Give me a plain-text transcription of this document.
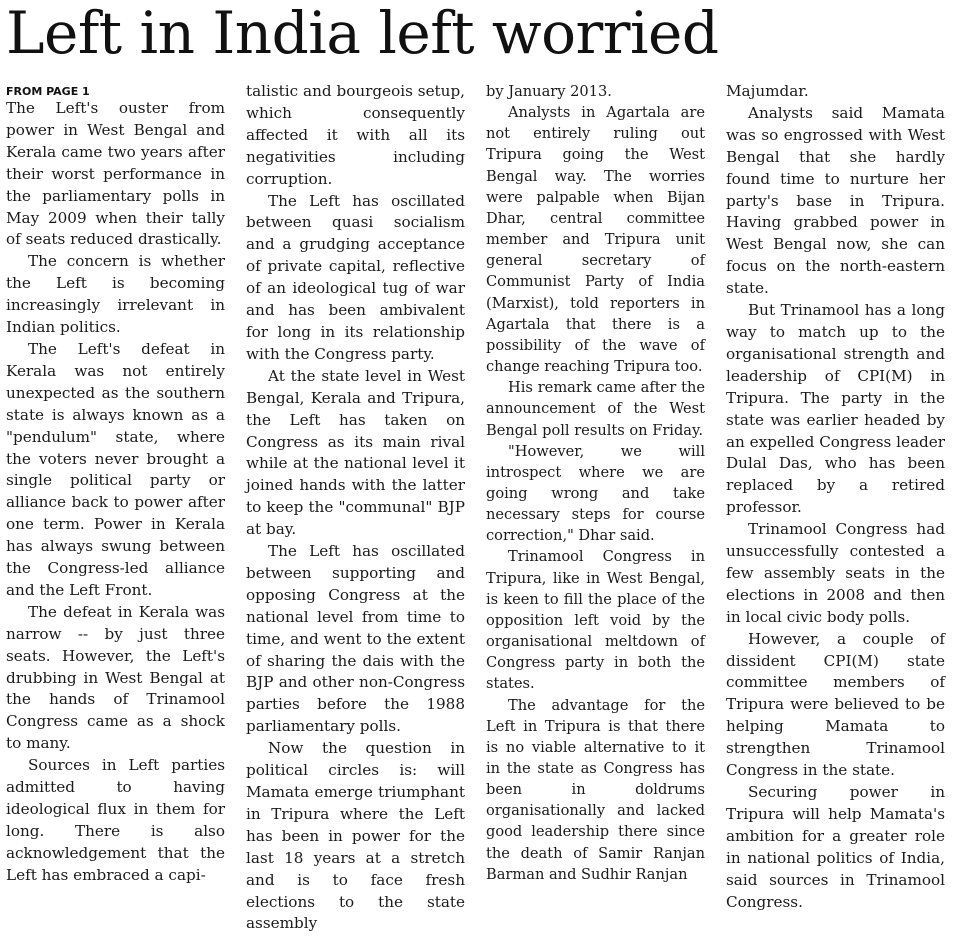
Left in India left worried
FROM PAGE 1

The Left's ouster from power in West Bengal and Kerala came two years after their worst performance in the parliamentary polls in May 2009 when their tally of seats reduced drastically.

The concern is whether the Left is becoming increasingly irrelevant in Indian politics.

The Left's defeat in Kerala was not entirely unexpected as the southern state is always known as a "pendulum" state, where the voters never brought a single political party or alliance back to power after one term. Power in Kerala has always swung between the Congress-led alliance and the Left Front.

The defeat in Kerala was narrow -- by just three seats. However, the Left's drubbing in West Bengal at the hands of Trinamool Congress came as a shock to many.

Sources in Left parties admitted to having ideological flux in them for long. There is also acknowledgement that the Left has embraced a capi-

talistic and bourgeois setup, which consequently affected it with all its negativities including corruption.

The Left has oscillated between quasi socialism and a grudging acceptance of private capital, reflective of an ideological tug of war and has been ambivalent for long in its relationship with the Congress party.

At the state level in West Bengal, Kerala and Tripura, the Left has taken on Congress as its main rival while at the national level it joined hands with the latter to keep the "communal" BJP at bay.

The Left has oscillated between supporting and opposing Congress at the national level from time to time, and went to the extent of sharing the dais with the BJP and other non-Congress parties before the 1988 parliamentary polls.

Now the question in political circles is: will Mamata emerge triumphant in Tripura where the Left has been in power for the last 18 years at a stretch and is to face fresh elections to the state assembly

by January 2013.

Analysts in Agartala are not entirely ruling out Tripura going the West Bengal way. The worries were palpable when Bijan Dhar, central committee member and Tripura unit general secretary of Communist Party of India (Marxist), told reporters in Agartala that there is a possibility of the wave of change reaching Tripura too.

His remark came after the announcement of the West Bengal poll results on Friday.

"However, we will introspect where we are going wrong and take necessary steps for course correction," Dhar said.

Trinamool Congress in Tripura, like in West Bengal, is keen to fill the place of the opposition left void by the organisational meltdown of Congress party in both the states.

The advantage for the Left in Tripura is that there is no viable alternative to it in the state as Congress has been in doldrums organisationally and lacked good leadership there since the death of Samir Ranjan Barman and Sudhir Ranjan

Majumdar.

Analysts said Mamata was so engrossed with West Bengal that she hardly found time to nurture her party's base in Tripura. Having grabbed power in West Bengal now, she can focus on the north-eastern state.

But Trinamool has a long way to match up to the organisational strength and leadership of CPI(M) in Tripura. The party in the state was earlier headed by an expelled Congress leader Dulal Das, who has been replaced by a retired professor.

Trinamool Congress had unsuccessfully contested a few assembly seats in the elections in 2008 and then in local civic body polls.

However, a couple of dissident CPI(M) state committee members of Tripura were believed to be helping Mamata to strengthen Trinamool Congress in the state.

Securing power in Tripura will help Mamata's ambition for a greater role in national politics of India, said sources in Trinamool Congress.
